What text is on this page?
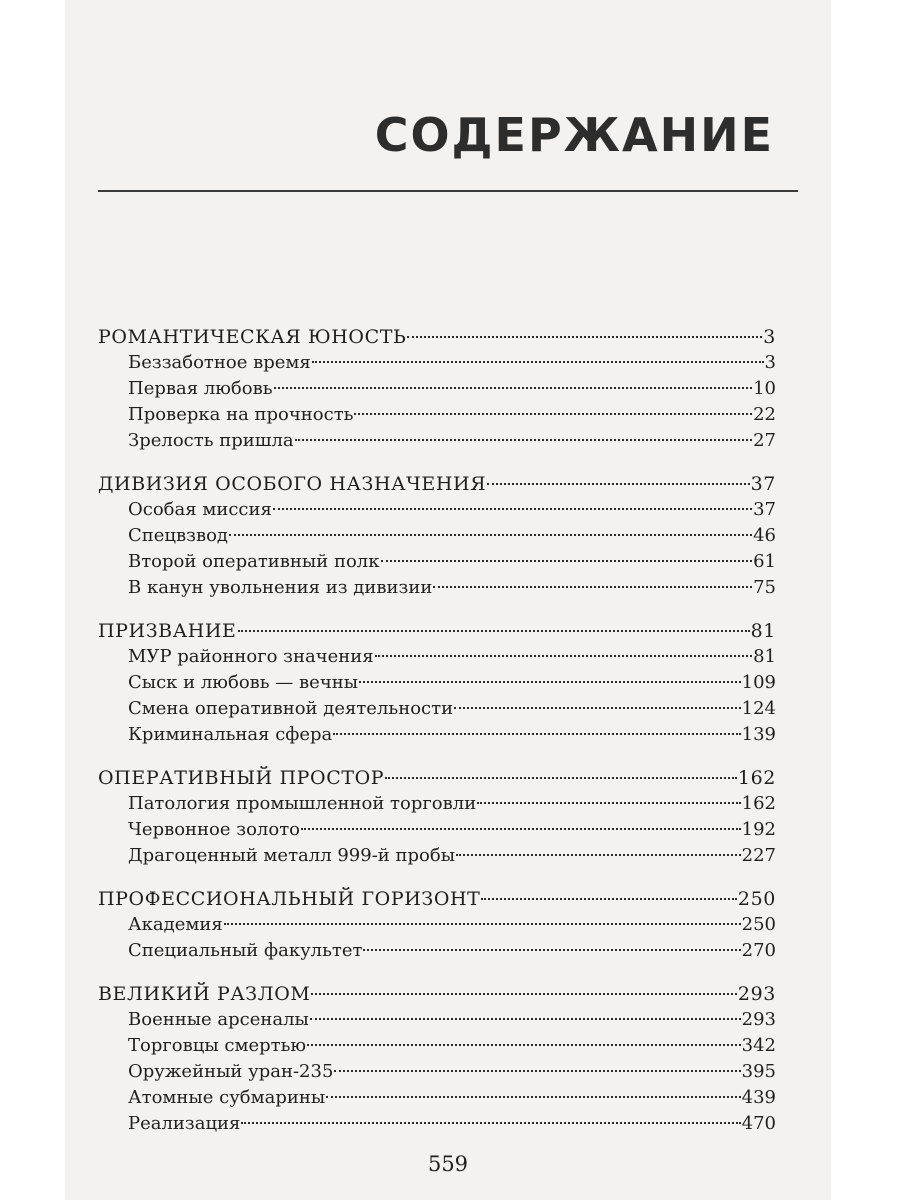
СОДЕРЖАНИЕ
РОМАНТИЧЕСКАЯ ЮНОСТЬ	3
Беззаботное время	3
Первая любовь	10
Проверка на прочность	22
Зрелость пришла	27
ДИВИЗИЯ ОСОБОГО НАЗНАЧЕНИЯ	37
Особая миссия	37
Спецвзвод	46
Второй оперативный полк	61
В канун увольнения из дивизии	75
ПРИЗВАНИЕ	81
МУР районного значения	81
Сыск и любовь — вечны	109
Смена оперативной деятельности	124
Криминальная сфера	139
ОПЕРАТИВНЫЙ ПРОСТОР	162
Патология промышленной торговли	162
Червонное золото	192
Драгоценный металл 999-й пробы	227
ПРОФЕССИОНАЛЬНЫЙ ГОРИЗОНТ	250
Академия	250
Специальный факультет	270
ВЕЛИКИЙ РАЗЛОМ	293
Военные арсеналы	293
Торговцы смертью	342
Оружейный уран-235	395
Атомные субмарины	439
Реализация	470
559
